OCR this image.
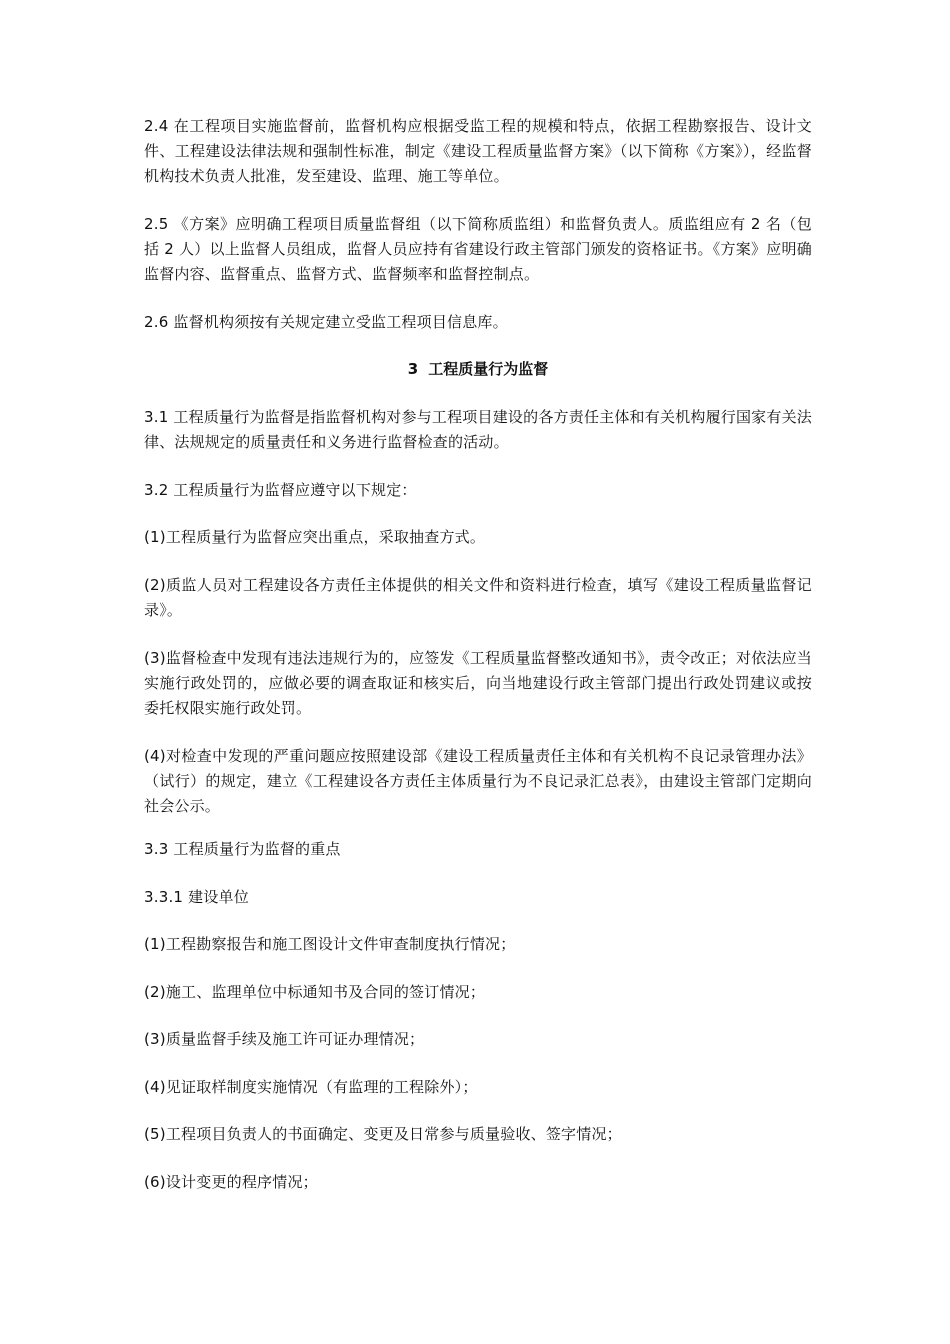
2.4 在工程项目实施监督前，监督机构应根据受监工程的规模和特点，依据工程勘察报告、设计文件、工程建设法律法规和强制性标准，制定《建设工程质量监督方案》（以下简称《方案》），经监督机构技术负责人批准，发至建设、监理、施工等单位。

2.5 《方案》应明确工程项目质量监督组（以下简称质监组）和监督负责人。质监组应有 2 名（包括 2 人）以上监督人员组成，监督人员应持有省建设行政主管部门颁发的资格证书。《方案》应明确监督内容、监督重点、监督方式、监督频率和监督控制点。

2.6 监督机构须按有关规定建立受监工程项目信息库。

3 工程质量行为监督

3.1 工程质量行为监督是指监督机构对参与工程项目建设的各方责任主体和有关机构履行国家有关法律、法规规定的质量责任和义务进行监督检查的活动。

3.2 工程质量行为监督应遵守以下规定：

(1)工程质量行为监督应突出重点，采取抽查方式。

(2)质监人员对工程建设各方责任主体提供的相关文件和资料进行检查，填写《建设工程质量监督记录》。

(3)监督检查中发现有违法违规行为的，应签发《工程质量监督整改通知书》，责令改正；对依法应当实施行政处罚的，应做必要的调查取证和核实后，向当地建设行政主管部门提出行政处罚建议或按委托权限实施行政处罚。

(4)对检查中发现的严重问题应按照建设部《建设工程质量责任主体和有关机构不良记录管理办法》（试行）的规定，建立《工程建设各方责任主体质量行为不良记录汇总表》，由建设主管部门定期向社会公示。

3.3 工程质量行为监督的重点

3.3.1 建设单位

(1)工程勘察报告和施工图设计文件审查制度执行情况；

(2)施工、监理单位中标通知书及合同的签订情况；

(3)质量监督手续及施工许可证办理情况；

(4)见证取样制度实施情况（有监理的工程除外）；

(5)工程项目负责人的书面确定、变更及日常参与质量验收、签字情况；

(6)设计变更的程序情况；
